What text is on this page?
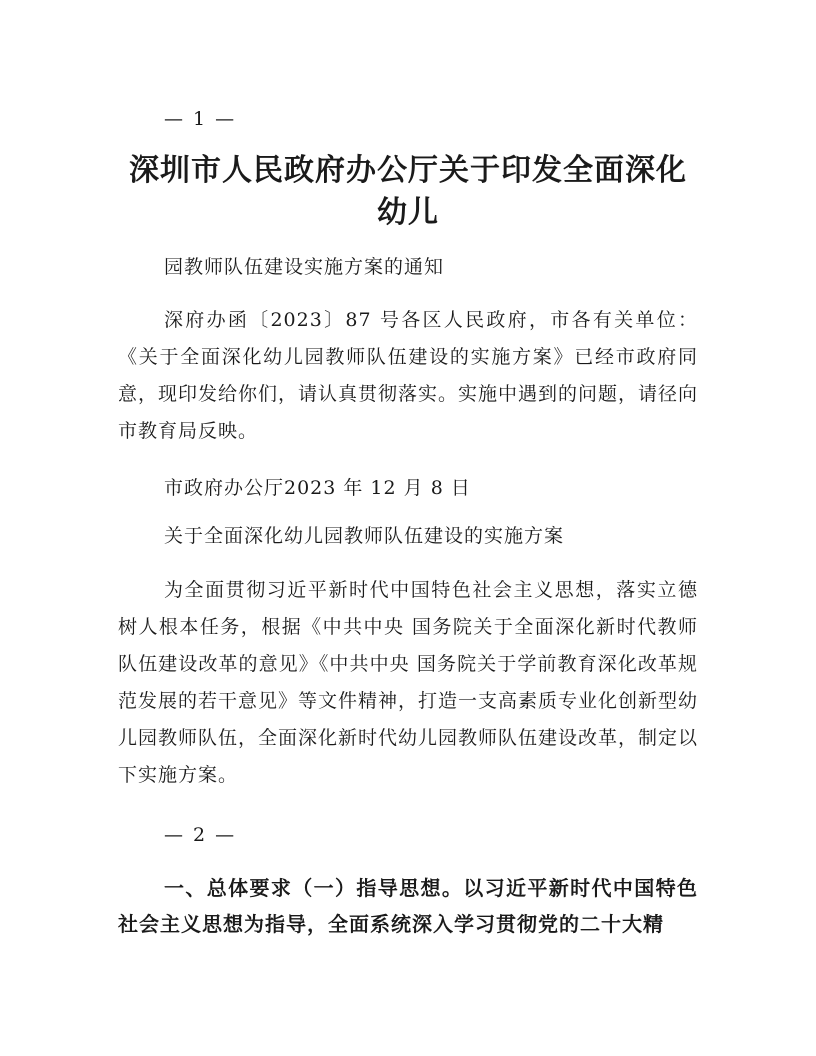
— 1 —
深圳市人民政府办公厅关于印发全面深化幼儿

园教师队伍建设实施方案的通知

深府办函〔2023〕87 号各区人民政府，市各有关单位：《关于全面深化幼儿园教师队伍建设的实施方案》已经市政府同意，现印发给你们，请认真贯彻落实。实施中遇到的问题，请径向市教育局反映。

市政府办公厅2023 年 12 月 8 日

关于全面深化幼儿园教师队伍建设的实施方案

为全面贯彻习近平新时代中国特色社会主义思想，落实立德树人根本任务，根据《中共中央 国务院关于全面深化新时代教师队伍建设改革的意见》《中共中央 国务院关于学前教育深化改革规范发展的若干意见》等文件精神，打造一支高素质专业化创新型幼儿园教师队伍，全面深化新时代幼儿园教师队伍建设改革，制定以下实施方案。

— 2 —

一、总体要求（一）指导思想。以习近平新时代中国特色社会主义思想为指导，全面系统深入学习贯彻党的二十大精
